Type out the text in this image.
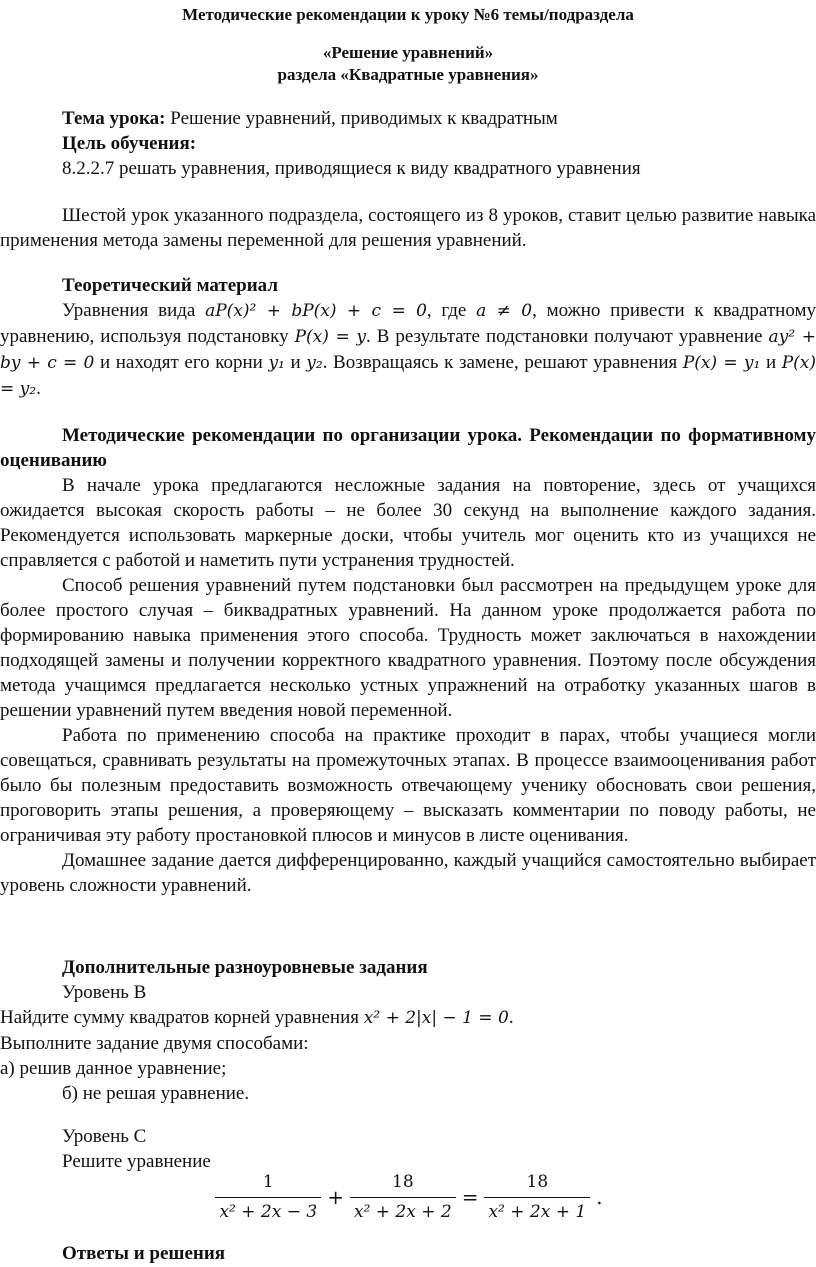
Методические рекомендации к уроку №6 темы/подраздела

«Решение уравнений»

раздела «Квадратные уравнения»

Тема урока: Решение уравнений, приводимых к квадратным

Цель обучения:

8.2.2.7 решать уравнения, приводящиеся к виду квадратного уравнения

Шестой урок указанного подраздела, состоящего из 8 уроков, ставит целью развитие навыка применения метода замены переменной для решения уравнений.

Теоретический материал

Уравнения вида aP(x)² + bP(x) + c = 0, где a ≠ 0, можно привести к квадратному уравнению, используя подстановку P(x) = y. В результате подстановки получают уравнение ay² + by + c = 0 и находят его корни y₁ и y₂. Возвращаясь к замене, решают уравнения P(x) = y₁ и P(x) = y₂.

Методические рекомендации по организации урока. Рекомендации по формативному оцениванию

В начале урока предлагаются несложные задания на повторение, здесь от учащихся ожидается высокая скорость работы – не более 30 секунд на выполнение каждого задания. Рекомендуется использовать маркерные доски, чтобы учитель мог оценить кто из учащихся не справляется с работой и наметить пути устранения трудностей.

Способ решения уравнений путем подстановки был рассмотрен на предыдущем уроке для более простого случая – биквадратных уравнений. На данном уроке продолжается работа по формированию навыка применения этого способа. Трудность может заключаться в нахождении подходящей замены и получении корректного квадратного уравнения. Поэтому после обсуждения метода учащимся предлагается несколько устных упражнений на отработку указанных шагов в решении уравнений путем введения новой переменной.

Работа по применению способа на практике проходит в парах, чтобы учащиеся могли совещаться, сравнивать результаты на промежуточных этапах. В процессе взаимооценивания работ было бы полезным предоставить возможность отвечающему ученику обосновать свои решения, проговорить этапы решения, а проверяющему – высказать комментарии по поводу работы, не ограничивая эту работу простановкой плюсов и минусов в листе оценивания.

Домашнее задание дается дифференцированно, каждый учащийся самостоятельно выбирает уровень сложности уравнений.

Дополнительные разноуровневые задания

Уровень В

Найдите сумму квадратов корней уравнения x² + 2|x| − 1 = 0.

Выполните задание двумя способами:

а) решив данное уравнение;

б) не решая уравнение.

Уровень С

Решите уравнение

$\frac{1}{\text{x² + 2x − 3}} + \frac{18}{\text{x² + 2x + 2}} = \frac{18}{\text{x² + 2x + 1}}$ .

Ответы и решения
